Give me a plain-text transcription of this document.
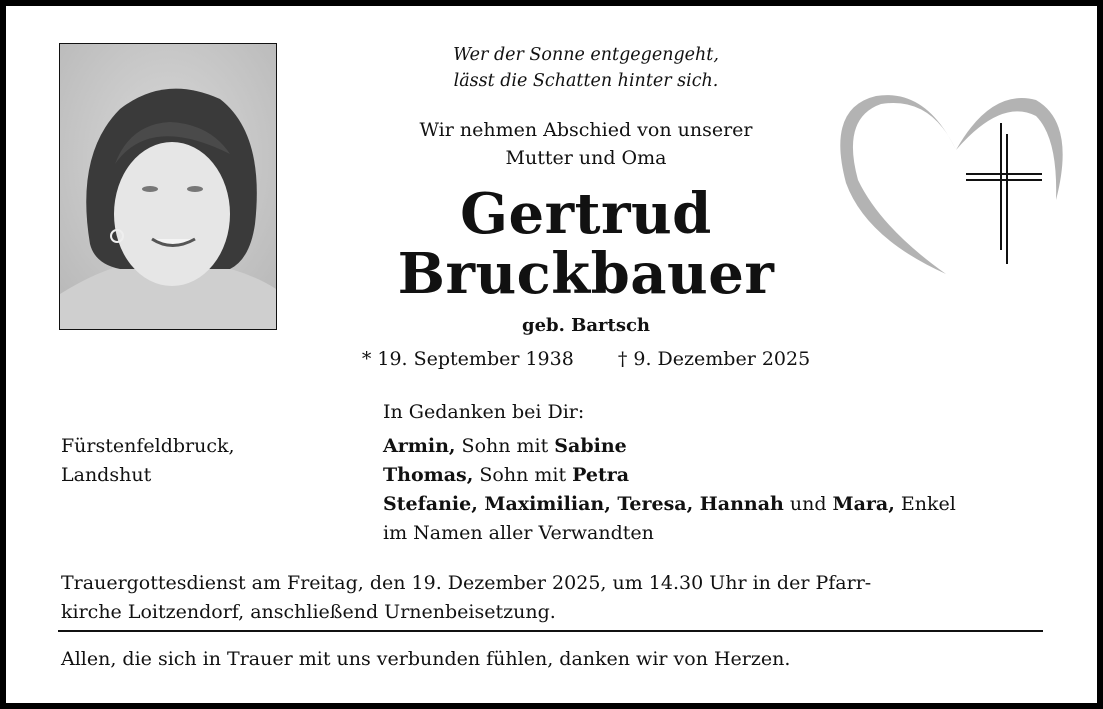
Wer der Sonne entgegengeht,
lässt die Schatten hinter sich.
Wir nehmen Abschied von unserer
Mutter und Oma
Gertrud
Bruckbauer
geb. Bartsch
* 19. September 1938 † 9. Dezember 2025
In Gedanken bei Dir:
Fürstenfeldbruck,
Landshut
Armin, Sohn mit Sabine
Thomas, Sohn mit Petra
Stefanie, Maximilian, Teresa, Hannah und Mara, Enkel
im Namen aller Verwandten
Trauergottesdienst am Freitag, den 19. Dezember 2025, um 14.30 Uhr in der Pfarr-
kirche Loitzendorf, anschließend Urnenbeisetzung.
Allen, die sich in Trauer mit uns verbunden fühlen, danken wir von Herzen.
